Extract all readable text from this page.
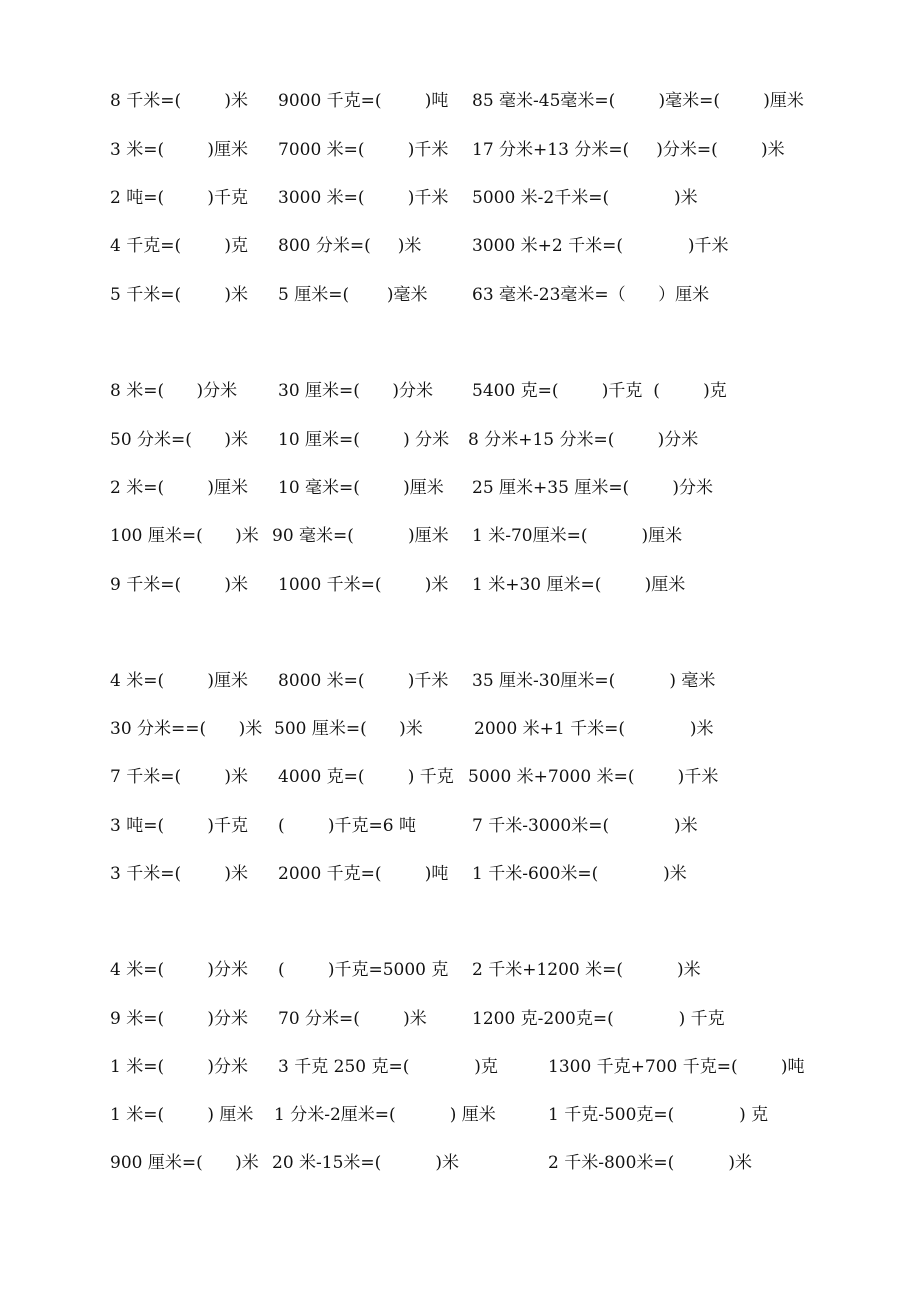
8 千米=(        )米 9000 千克=(        )吨 85 毫米-45毫米=(        )毫米=(        )厘米
3 米=(        )厘米 7000 米=(        )千米 17 分米+13 分米=(     )分米=(        )米
2 吨=(        )千克 3000 米=(        )千米 5000 米-2千米=(            )米
4 千克=(        )克 800 分米=(     )米	3000 米+2 千米=(            )千米
5 千米=(        )米 5 厘米=(       )毫米	63 毫米-23毫米=（      ）厘米
8 米=(      )分米 30 厘米=(      )分米 5400 克=(        )千克  (        )克
50 分米=(      )米 10 厘米=(        ) 分米 8 分米+15 分米=(        )分米
2 米=(        )厘米 10 毫米=(        )厘米 25 厘米+35 厘米=(        )分米
100 厘米=(      )米 90 毫米=(          )厘米 1 米-70厘米=(          )厘米
9 千米=(        )米 1000 千米=(        )米 1 米+30 厘米=(        )厘米
4 米=(        )厘米 8000 米=(        )千米 35 厘米-30厘米=(          ) 毫米
30 分米==(      )米 500 厘米=(      )米	2000 米+1 千米=(            )米
7 千米=(        )米 4000 克=(        ) 千克 5000 米+7000 米=(        )千米
3 吨=(        )千克 (        )千克=6 吨	7 千米-3000米=(            )米
3 千米=(        )米 2000 千克=(        )吨 1 千米-600米=(            )米
4 米=(        )分米 (        )千克=5000 克 2 千米+1200 米=(          )米
9 米=(        )分米 70 分米=(        )米	1200 克-200克=(            ) 千克
1 米=(        )分米 3 千克 250 克=(            )克	1300 千克+700 千克=(        )吨
1 米=(        ) 厘米 1 分米-2厘米=(          ) 厘米	1 千克-500克=(            ) 克
900 厘米=(      )米 20 米-15米=(          )米	2 千米-800米=(          )米
